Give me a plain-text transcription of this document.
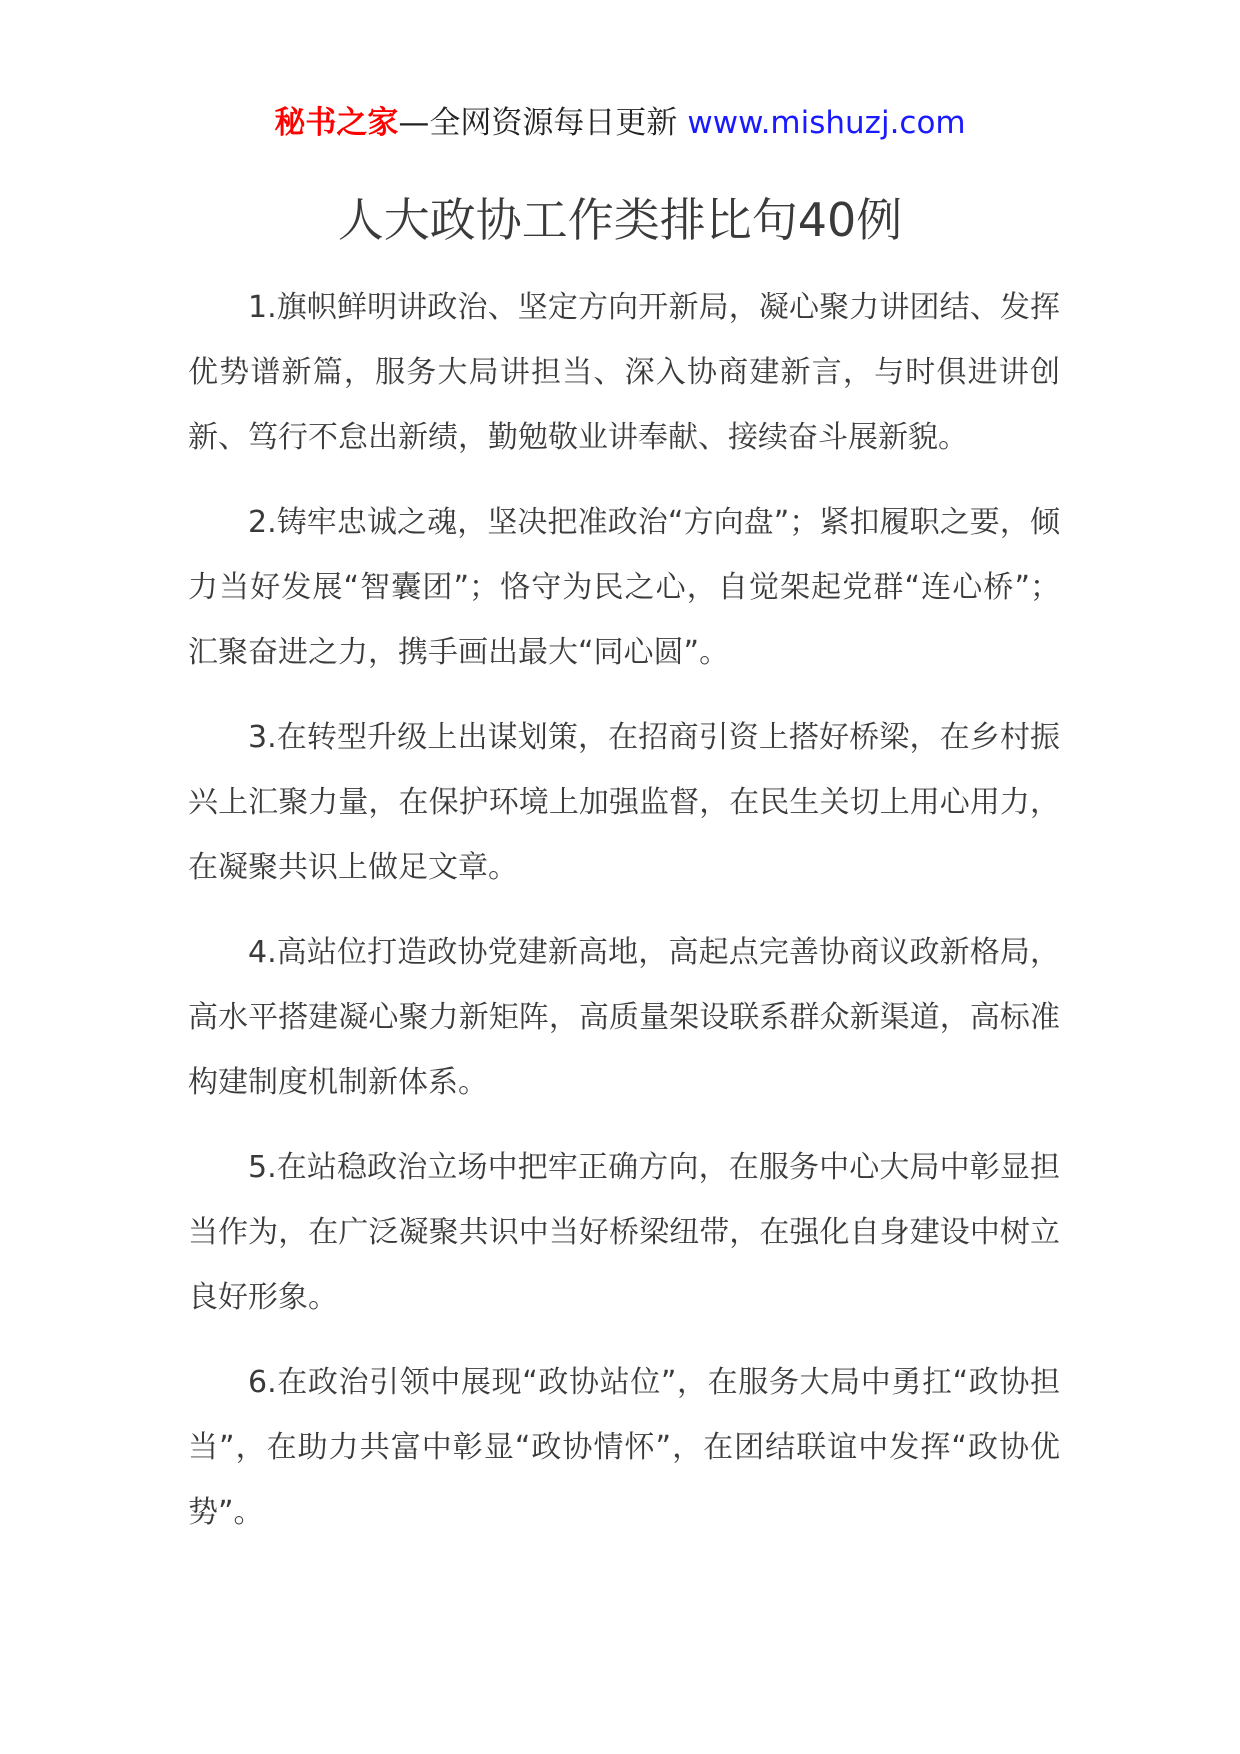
秘书之家—全网资源每日更新 www.mishuzj.com
人大政协工作类排比句40例

1.旗帜鲜明讲政治、坚定方向开新局，凝心聚力讲团结、发挥优势谱新篇，服务大局讲担当、深入协商建新言，与时俱进讲创新、笃行不怠出新绩，勤勉敬业讲奉献、接续奋斗展新貌。

2.铸牢忠诚之魂，坚决把准政治“方向盘”；紧扣履职之要，倾力当好发展“智囊团”；恪守为民之心，自觉架起党群“连心桥”；汇聚奋进之力，携手画出最大“同心圆”。

3.在转型升级上出谋划策，在招商引资上搭好桥梁，在乡村振兴上汇聚力量，在保护环境上加强监督，在民生关切上用心用力，在凝聚共识上做足文章。

4.高站位打造政协党建新高地，高起点完善协商议政新格局，高水平搭建凝心聚力新矩阵，高质量架设联系群众新渠道，高标准构建制度机制新体系。

5.在站稳政治立场中把牢正确方向，在服务中心大局中彰显担当作为，在广泛凝聚共识中当好桥梁纽带，在强化自身建设中树立良好形象。

6.在政治引领中展现“政协站位”，在服务大局中勇扛“政协担当”，在助力共富中彰显“政协情怀”，在团结联谊中发挥“政协优势”。
